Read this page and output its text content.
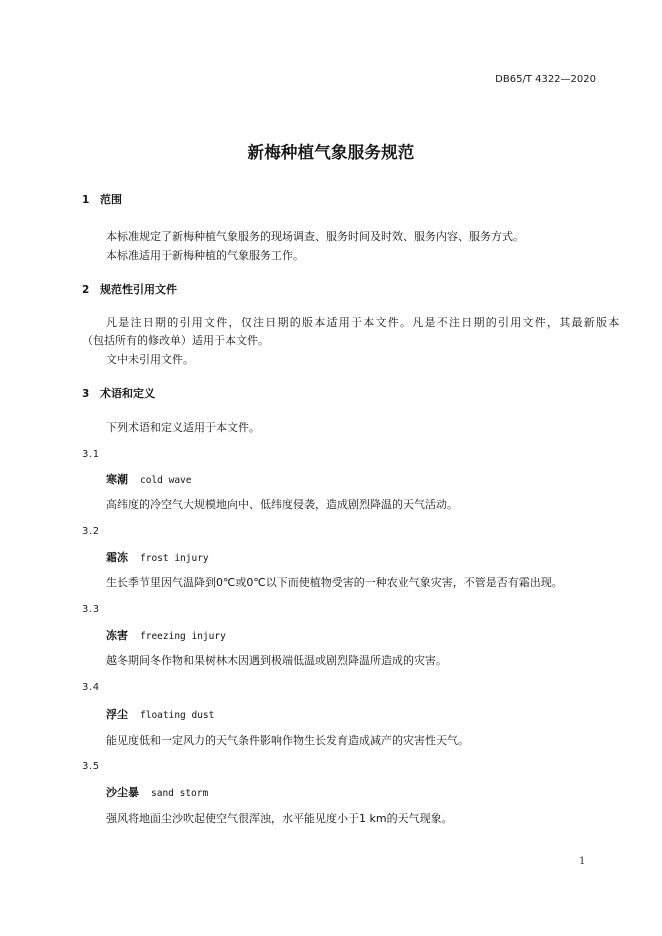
DB65/T 4322—2020
新梅种植气象服务规范
1 范围
本标准规定了新梅种植气象服务的现场调查、服务时间及时效、服务内容、服务方式。
本标准适用于新梅种植的气象服务工作。
2 规范性引用文件
凡是注日期的引用文件，仅注日期的版本适用于本文件。凡是不注日期的引用文件，其最新版本
（包括所有的修改单）适用于本文件。
文中未引用文件。
3 术语和定义
下列术语和定义适用于本文件。
3.1
寒潮 cold wave
高纬度的冷空气大规模地向中、低纬度侵袭，造成剧烈降温的天气活动。
3.2
霜冻 frost injury
生长季节里因气温降到0℃或0℃以下而使植物受害的一种农业气象灾害，不管是否有霜出现。
3.3
冻害 freezing injury
越冬期间冬作物和果树林木因遇到极端低温或剧烈降温所造成的灾害。
3.4
浮尘 floating dust
能见度低和一定风力的天气条件影响作物生长发育造成减产的灾害性天气。
3.5
沙尘暴 sand storm
强风将地面尘沙吹起使空气很浑浊，水平能见度小于1 km的天气现象。
1
